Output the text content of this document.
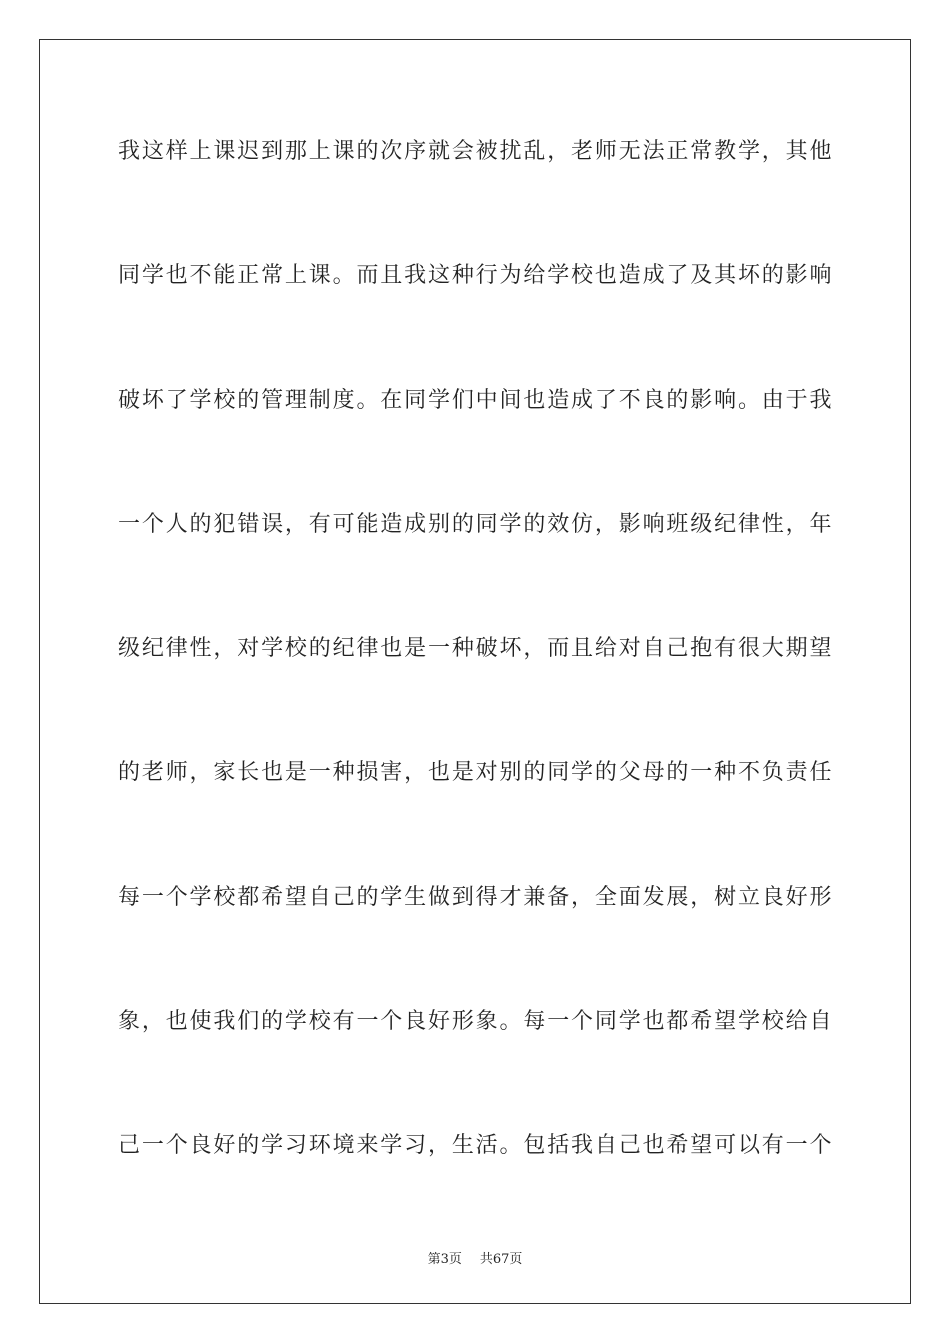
我这样上课迟到那上课的次序就会被扰乱，老师无法正常教学，其他
同学也不能正常上课。而且我这种行为给学校也造成了及其坏的影响
破坏了学校的管理制度。在同学们中间也造成了不良的影响。由于我
一个人的犯错误，有可能造成别的同学的效仿，影响班级纪律性，年
级纪律性，对学校的纪律也是一种破坏，而且给对自己抱有很大期望
的老师，家长也是一种损害，也是对别的同学的父母的一种不负责任
每一个学校都希望自己的学生做到得才兼备，全面发展，树立良好形
象，也使我们的学校有一个良好形象。每一个同学也都希望学校给自
己一个良好的学习环境来学习，生活。包括我自己也希望可以有一个
第3页 共67页
